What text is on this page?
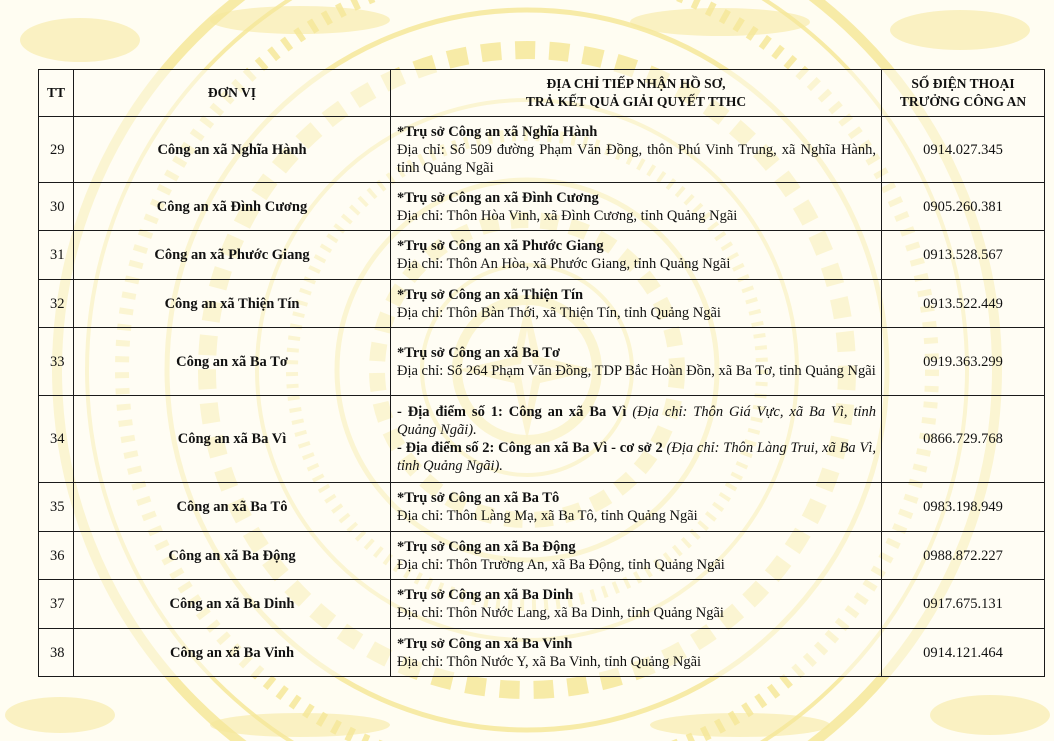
TT	ĐƠN VỊ	ĐỊA CHỈ TIẾP NHẬN HỒ SƠ,
TRẢ KẾT QUẢ GIẢI QUYẾT TTHC	SỐ ĐIỆN THOẠI
TRƯỞNG CÔNG AN

29	Công an xã Nghĩa Hành	*Trụ sở Công an xã Nghĩa Hành
Địa chỉ: Số 509 đường Phạm Văn Đồng, thôn Phú Vinh Trung, xã Nghĩa Hành, tỉnh Quảng Ngãi	0914.027.345
30	Công an xã Đình Cương	*Trụ sở Công an xã Đình Cương
Địa chỉ: Thôn Hòa Vinh, xã Đình Cương, tỉnh Quảng Ngãi	0905.260.381
31	Công an xã Phước Giang	*Trụ sở Công an xã Phước Giang
Địa chỉ: Thôn An Hòa, xã Phước Giang, tỉnh Quảng Ngãi	0913.528.567
32	Công an xã Thiện Tín	*Trụ sở Công an xã Thiện Tín
Địa chỉ: Thôn Bàn Thới, xã Thiện Tín, tỉnh Quảng Ngãi	0913.522.449
33	Công an xã Ba Tơ	*Trụ sở Công an xã Ba Tơ
Địa chỉ: Số 264 Phạm Văn Đồng, TDP Bắc Hoàn Đồn, xã Ba Tơ, tỉnh Quảng Ngãi	0919.363.299
34	Công an xã Ba Vì	- Địa điểm số 1: Công an xã Ba Vì (Địa chỉ: Thôn Giá Vực, xã Ba Vì, tỉnh Quảng Ngãi).
- Địa điểm số 2: Công an xã Ba Vì - cơ sở 2 (Địa chỉ: Thôn Làng Trui, xã Ba Vì, tỉnh Quảng Ngãi).	0866.729.768
35	Công an xã Ba Tô	*Trụ sở Công an xã Ba Tô
Địa chỉ: Thôn Làng Mạ, xã Ba Tô, tỉnh Quảng Ngãi	0983.198.949
36	Công an xã Ba Động	*Trụ sở Công an xã Ba Động
Địa chỉ: Thôn Trường An, xã Ba Động, tỉnh Quảng Ngãi	0988.872.227
37	Công an xã Ba Dinh	*Trụ sở Công an xã Ba Dinh
Địa chỉ: Thôn Nước Lang, xã Ba Dinh, tỉnh Quảng Ngãi	0917.675.131
38	Công an xã Ba Vinh	*Trụ sở Công an xã Ba Vinh
Địa chỉ: Thôn Nước Y, xã Ba Vinh, tỉnh Quảng Ngãi	0914.121.464
